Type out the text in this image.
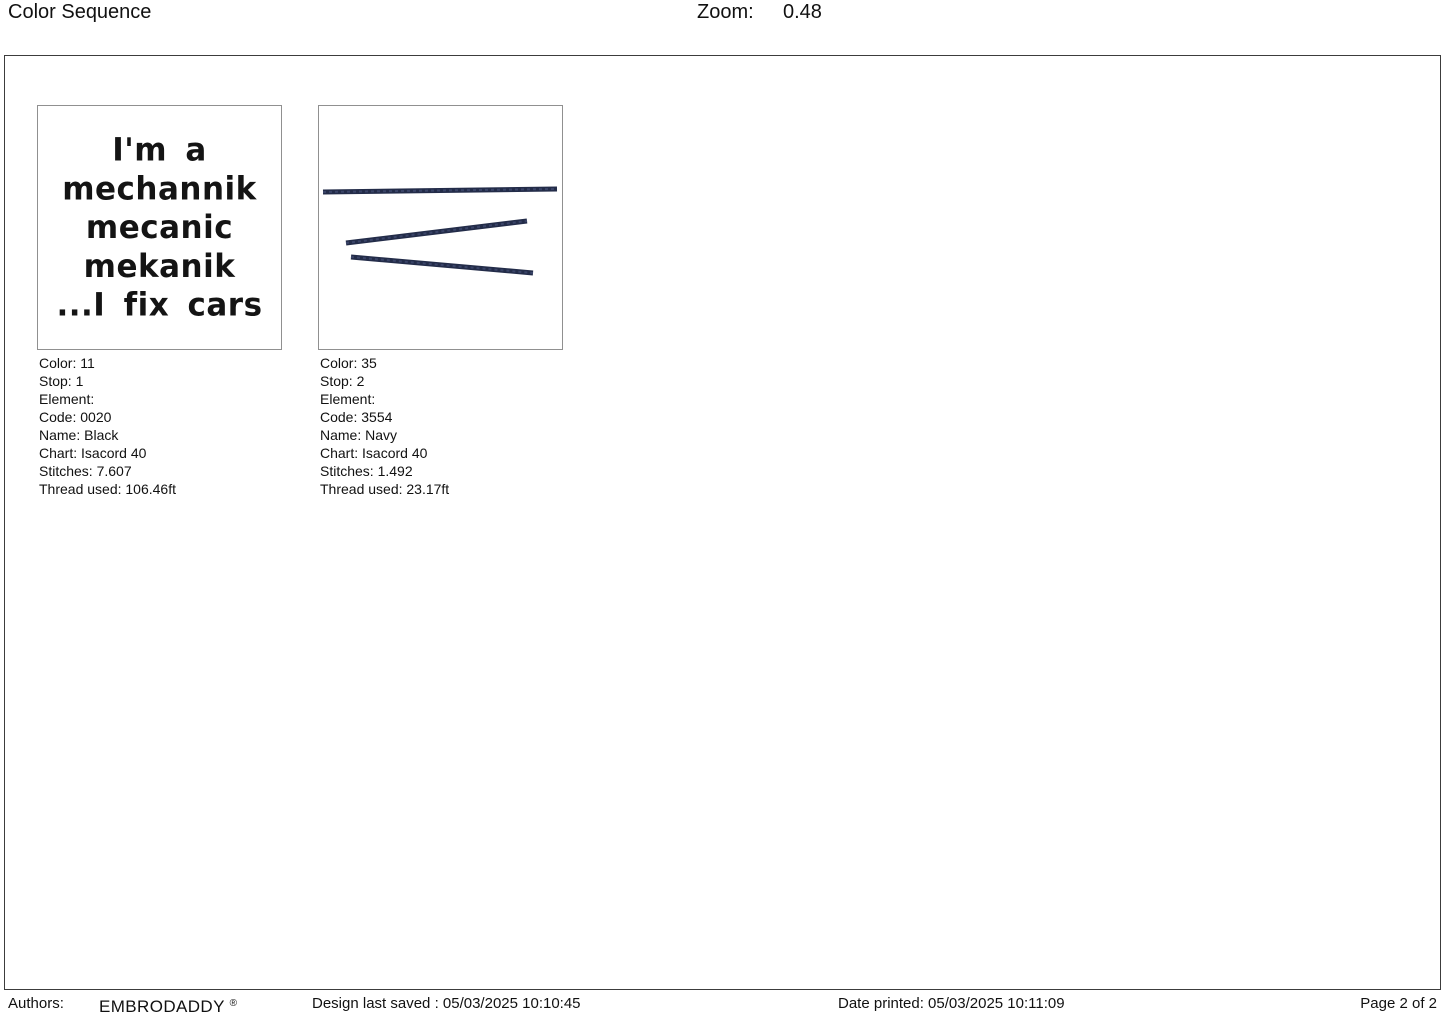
Color Sequence	Zoom: 0.48
I'm a
mechannik
mecanic
mekanik
...I fix cars
Color: 11
Stop: 1
Element:
Code: 0020
Name: Black
Chart: Isacord 40
Stitches: 7.607
Thread used: 106.46ft
Color: 35
Stop: 2
Element:
Code: 3554
Name: Navy
Chart: Isacord 40
Stitches: 1.492
Thread used: 23.17ft
Authors: EMBRODADDY ®	Design last saved : 05/03/2025 10:10:45	Date printed: 05/03/2025 10:11:09	Page 2 of 2
